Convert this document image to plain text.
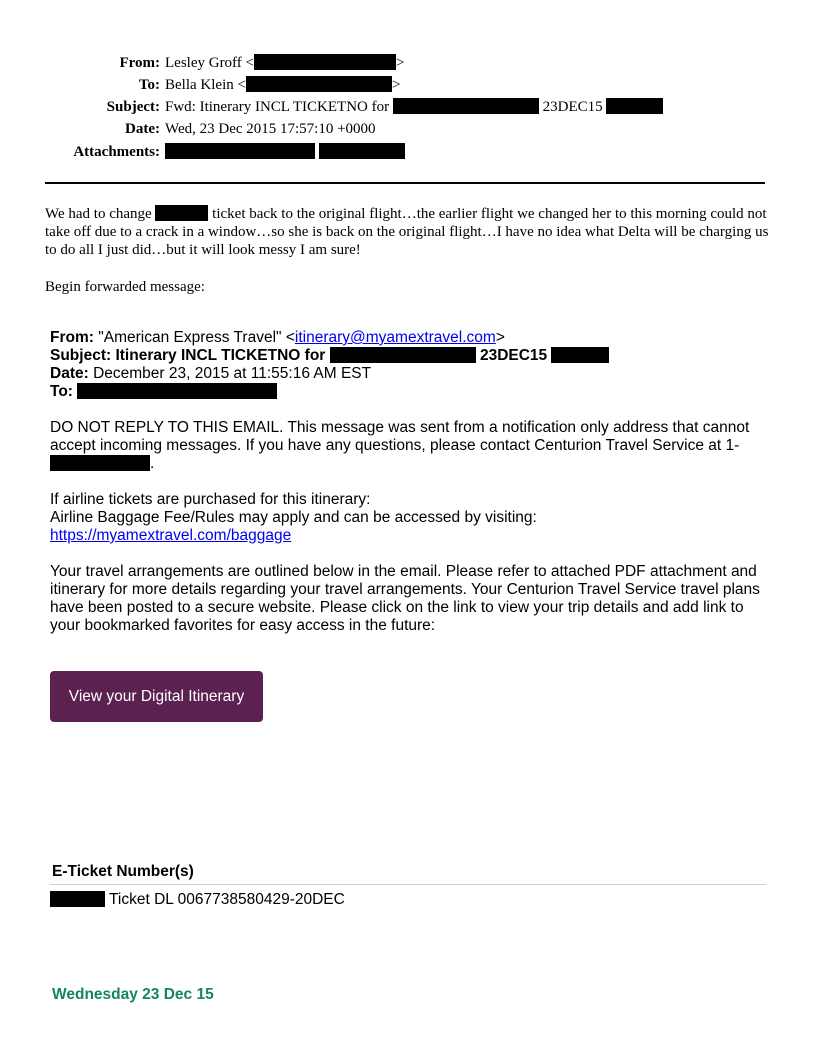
From: Lesley Groff <	>
To: Bella Klein <	>
Subject: Fwd: Itinerary INCL TICKETNO for	23DEC15
Date: Wed, 23 Dec 2015 17:57:10 +0000
Attachments:
We had to change	ticket back to the original flight…the earlier flight we changed her to this morning could not take off due to a crack in a window…so she is back on the original flight…I have no idea what Delta will be charging us to do all I just did…but it will look messy I am sure!
Begin forwarded message:
From: "American Express Travel" <itinerary@myamextravel.com>
Subject: Itinerary INCL TICKETNO for	23DEC15
Date: December 23, 2015 at 11:55:16 AM EST
To:
DO NOT REPLY TO THIS EMAIL. This message was sent from a notification only address that cannot accept incoming messages. If you have any questions, please contact Centurion Travel Service at 1-.
If airline tickets are purchased for this itinerary:
Airline Baggage Fee/Rules may apply and can be accessed by visiting:
https://myamextravel.com/baggage
Your travel arrangements are outlined below in the email. Please refer to attached PDF attachment and itinerary for more details regarding your travel arrangements. Your Centurion Travel Service travel plans have been posted to a secure website. Please click on the link to view your trip details and add link to your bookmarked favorites for easy access in the future:
View your Digital Itinerary
E-Ticket Number(s)
Ticket DL 0067738580429-20DEC
Wednesday 23 Dec 15
